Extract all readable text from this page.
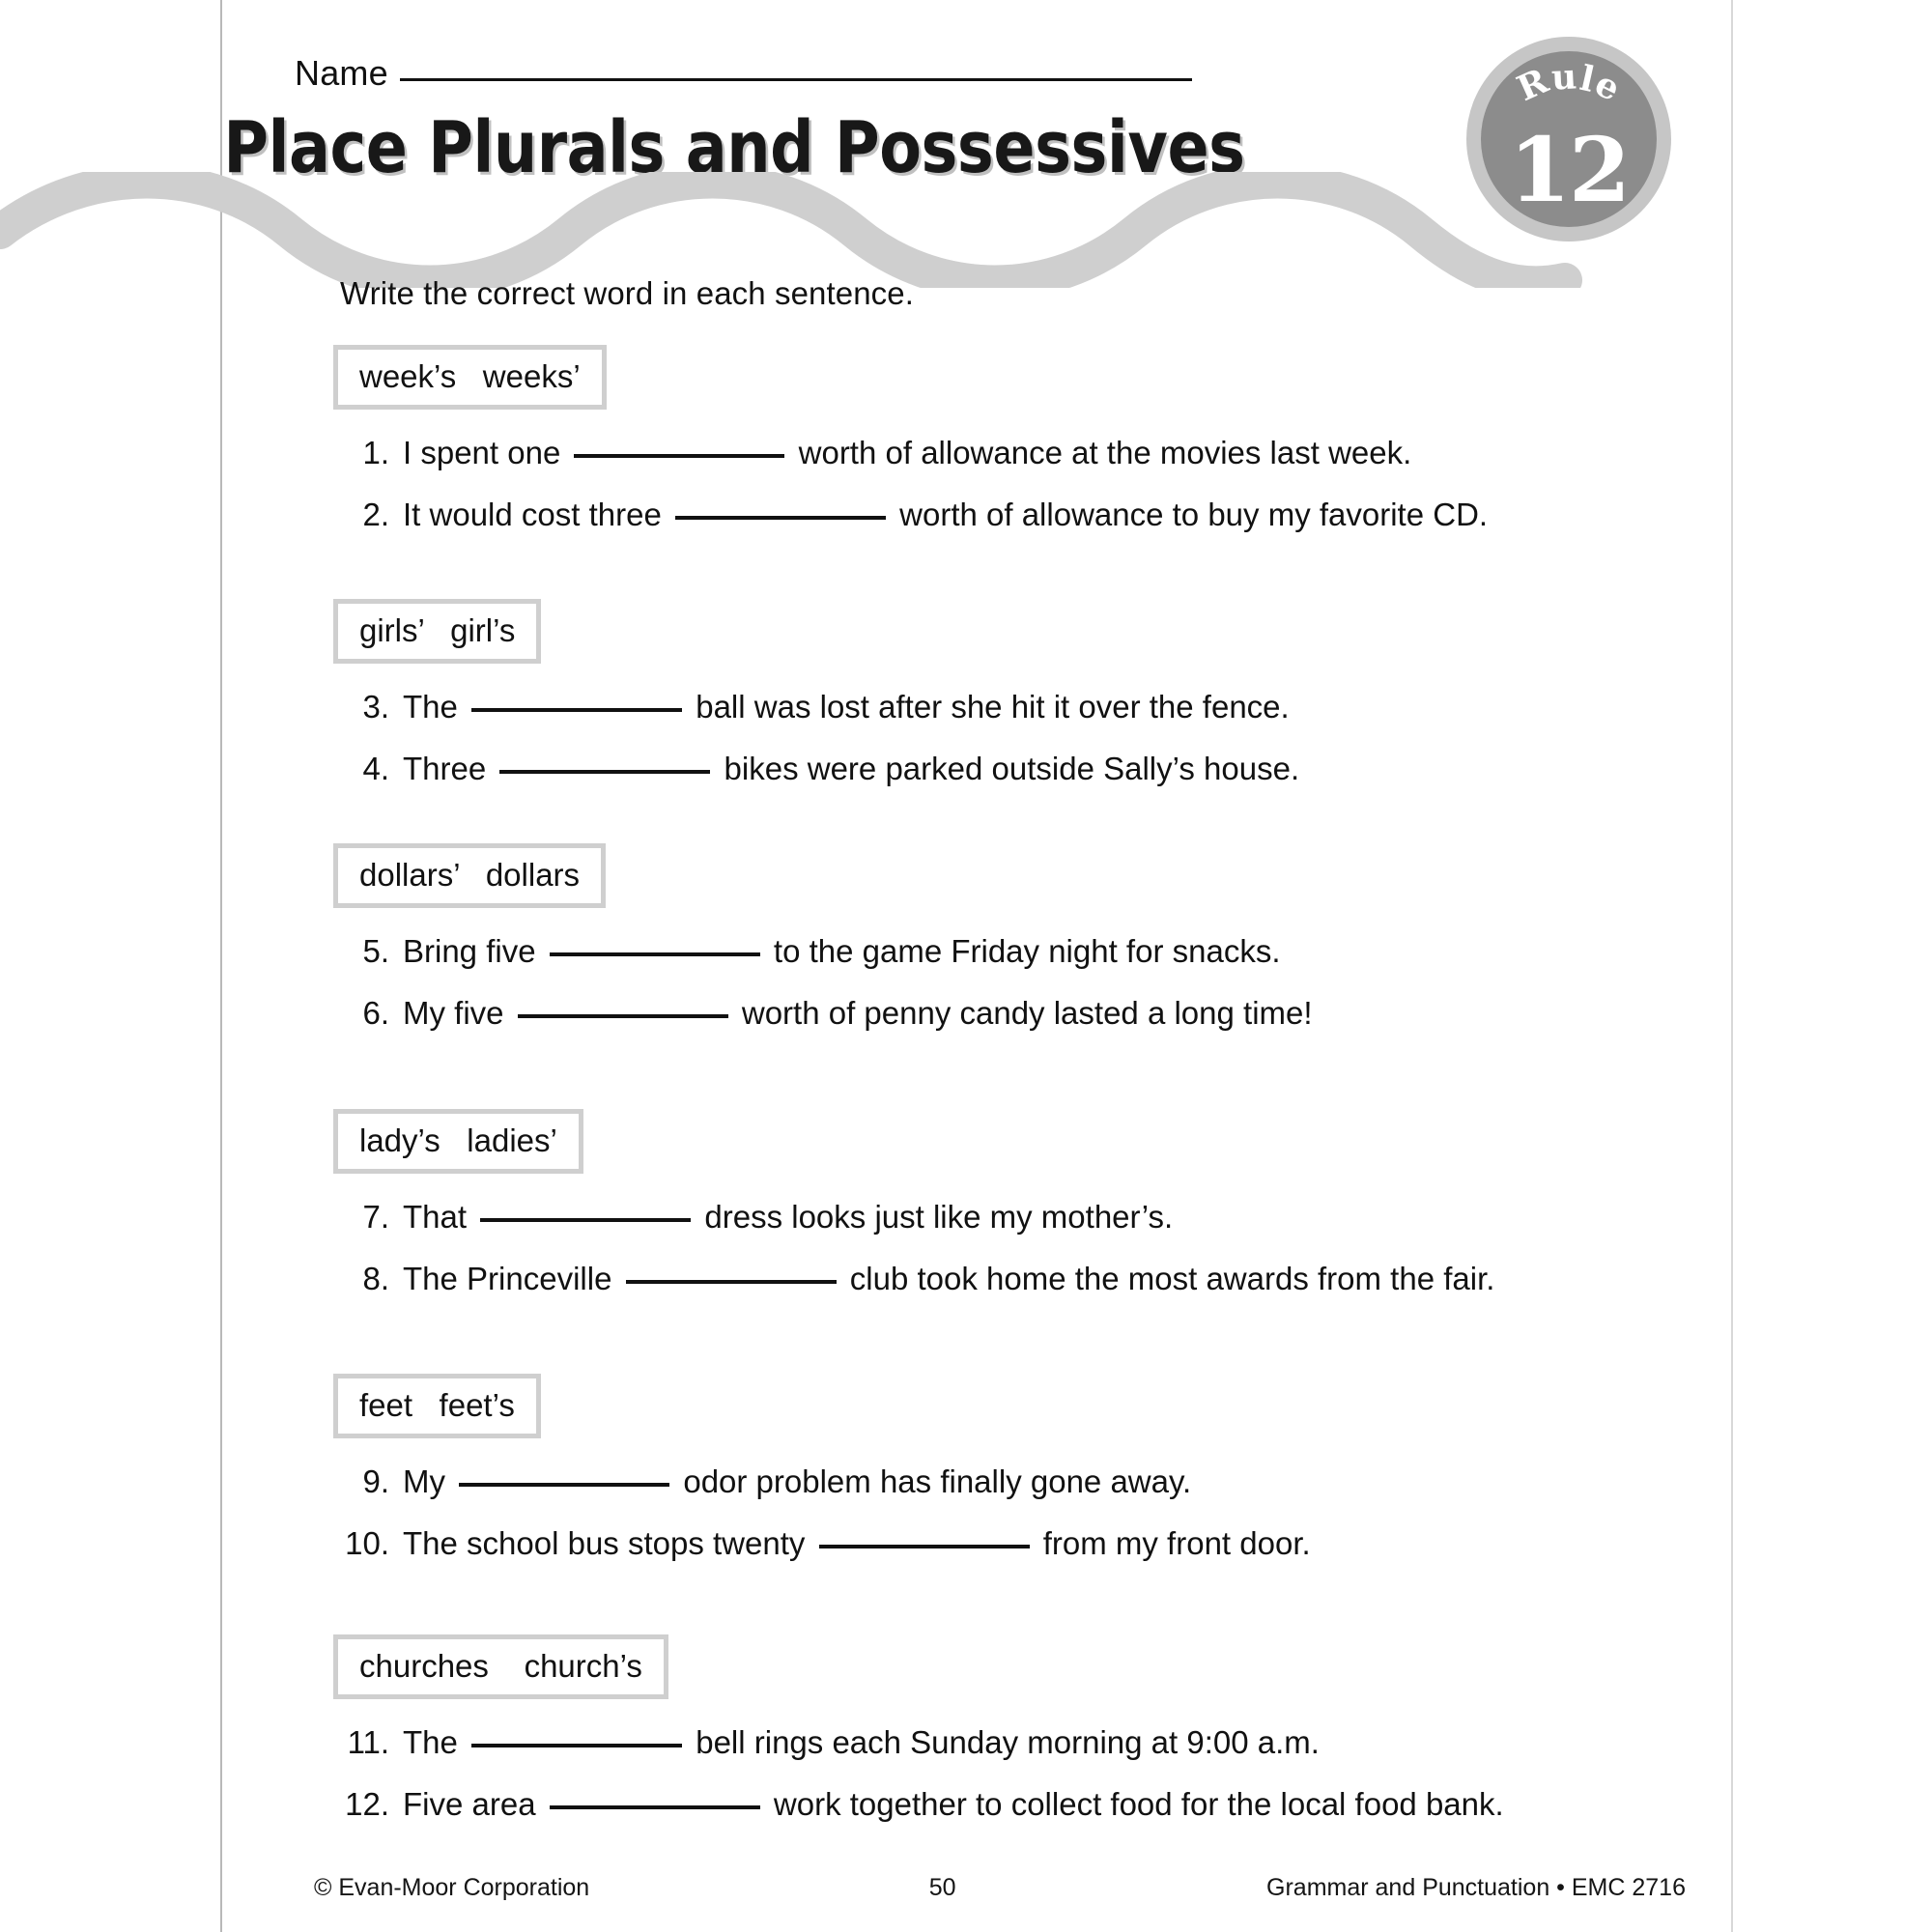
Name
Place Plurals and Possessives
Rule
12
Write the correct word in each sentence.
week’s   weeks’
1. I spent one	worth of allowance at the movies last week.
2. It would cost three	worth of allowance to buy my favorite CD.
girls’   girl’s
3. The	ball was lost after she hit it over the fence.
4. Three	bikes were parked outside Sally’s house.
dollars’   dollars
5. Bring five	to the game Friday night for snacks.
6. My five	worth of penny candy lasted a long time!
lady’s   ladies’
7. That	dress looks just like my mother’s.
8. The Princeville	club took home the most awards from the fair.
feet   feet’s
9. My	odor problem has finally gone away.
10. The school bus stops twenty	from my front door.
churches    church’s
11. The	bell rings each Sunday morning at 9:00 a.m.
12. Five area	work together to collect food for the local food bank.
© Evan-Moor Corporation	50	Grammar and Punctuation • EMC 2716
